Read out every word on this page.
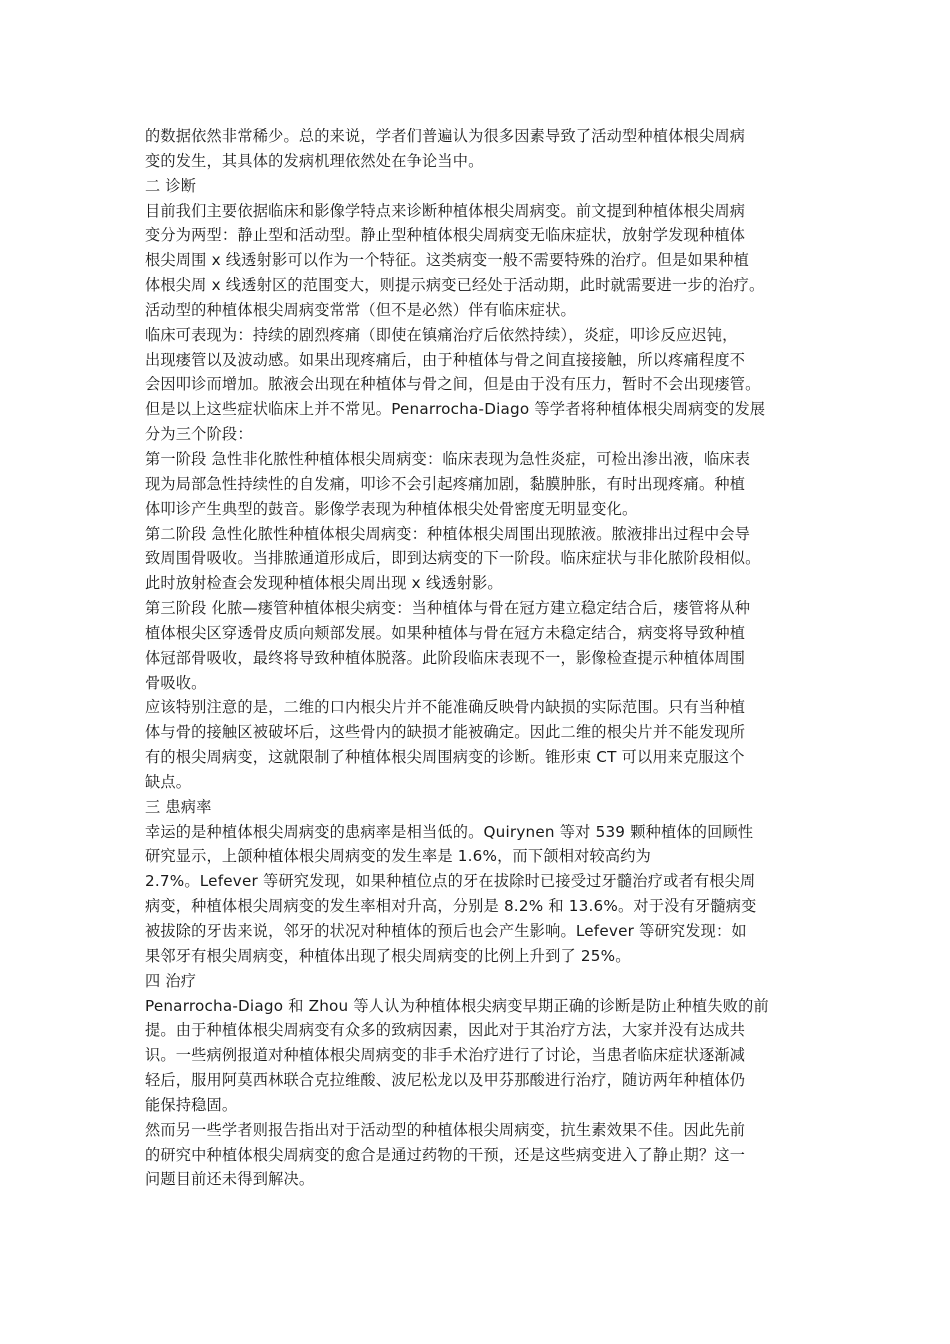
的数据依然非常稀少。总的来说，学者们普遍认为很多因素导致了活动型种植体根尖周病
变的发生，其具体的发病机理依然处在争论当中。
二 诊断
目前我们主要依据临床和影像学特点来诊断种植体根尖周病变。前文提到种植体根尖周病
变分为两型：静止型和活动型。静止型种植体根尖周病变无临床症状，放射学发现种植体
根尖周围 x 线透射影可以作为一个特征。这类病变一般不需要特殊的治疗。但是如果种植
体根尖周 x 线透射区的范围变大，则提示病变已经处于活动期，此时就需要进一步的治疗。
活动型的种植体根尖周病变常常（但不是必然）伴有临床症状。
临床可表现为：持续的剧烈疼痛（即使在镇痛治疗后依然持续），炎症，叩诊反应迟钝，
出现瘘管以及波动感。如果出现疼痛后，由于种植体与骨之间直接接触，所以疼痛程度不
会因叩诊而增加。脓液会出现在种植体与骨之间，但是由于没有压力，暂时不会出现瘘管。
但是以上这些症状临床上并不常见。Penarrocha-Diago 等学者将种植体根尖周病变的发展
分为三个阶段：
第一阶段 急性非化脓性种植体根尖周病变：临床表现为急性炎症，可检出渗出液，临床表
现为局部急性持续性的自发痛，叩诊不会引起疼痛加剧，黏膜肿胀，有时出现疼痛。种植
体叩诊产生典型的鼓音。影像学表现为种植体根尖处骨密度无明显变化。
第二阶段 急性化脓性种植体根尖周病变：种植体根尖周围出现脓液。脓液排出过程中会导
致周围骨吸收。当排脓通道形成后，即到达病变的下一阶段。临床症状与非化脓阶段相似。
此时放射检查会发现种植体根尖周出现 x 线透射影。
第三阶段 化脓—瘘管种植体根尖病变：当种植体与骨在冠方建立稳定结合后，瘘管将从种
植体根尖区穿透骨皮质向颊部发展。如果种植体与骨在冠方未稳定结合，病变将导致种植
体冠部骨吸收，最终将导致种植体脱落。此阶段临床表现不一，影像检查提示种植体周围
骨吸收。
应该特别注意的是，二维的口内根尖片并不能准确反映骨内缺损的实际范围。只有当种植
体与骨的接触区被破坏后，这些骨内的缺损才能被确定。因此二维的根尖片并不能发现所
有的根尖周病变，这就限制了种植体根尖周围病变的诊断。锥形束 CT 可以用来克服这个
缺点。
三 患病率
幸运的是种植体根尖周病变的患病率是相当低的。Quirynen 等对 539 颗种植体的回顾性
研究显示，上颌种植体根尖周病变的发生率是 1.6%，而下颌相对较高约为
2.7%。Lefever 等研究发现，如果种植位点的牙在拔除时已接受过牙髓治疗或者有根尖周
病变，种植体根尖周病变的发生率相对升高，分别是 8.2% 和 13.6%。对于没有牙髓病变
被拔除的牙齿来说，邻牙的状况对种植体的预后也会产生影响。Lefever 等研究发现：如
果邻牙有根尖周病变，种植体出现了根尖周病变的比例上升到了 25%。
四 治疗
Penarrocha-Diago 和 Zhou 等人认为种植体根尖病变早期正确的诊断是防止种植失败的前
提。由于种植体根尖周病变有众多的致病因素，因此对于其治疗方法，大家并没有达成共
识。一些病例报道对种植体根尖周病变的非手术治疗进行了讨论，当患者临床症状逐渐减
轻后，服用阿莫西林联合克拉维酸、波尼松龙以及甲芬那酸进行治疗，随访两年种植体仍
能保持稳固。
然而另一些学者则报告指出对于活动型的种植体根尖周病变，抗生素效果不佳。因此先前
的研究中种植体根尖周病变的愈合是通过药物的干预，还是这些病变进入了静止期？这一
问题目前还未得到解决。
